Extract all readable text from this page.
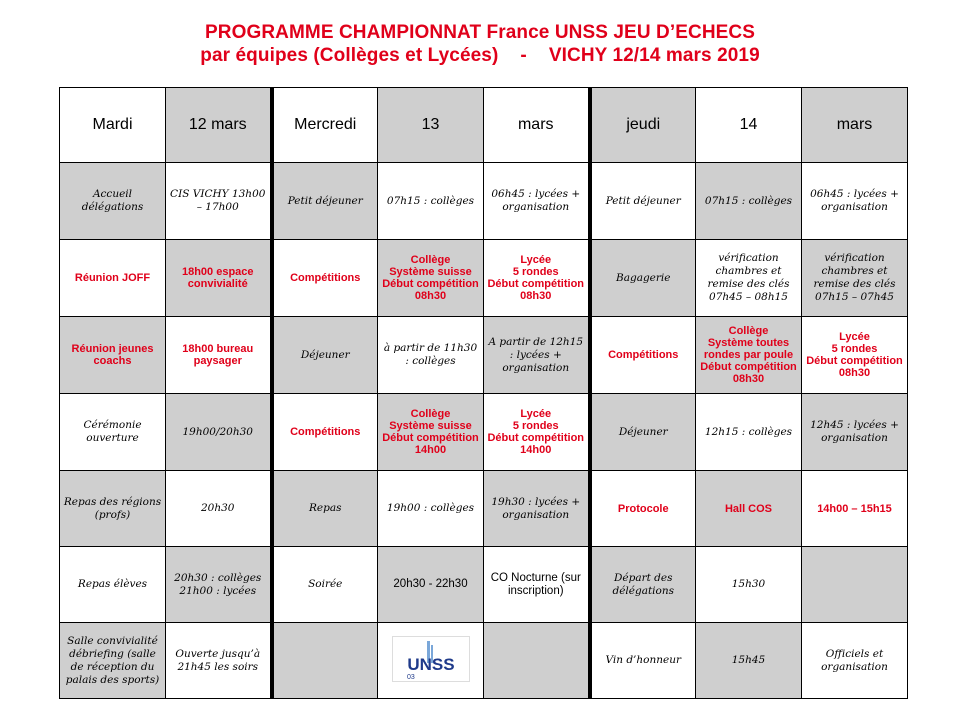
PROGRAMME CHAMPIONNAT France UNSS JEU D’ECHECS
par équipes (Collèges et Lycées) - VICHY 12/14 mars 2019
Mardi	12 mars	Mercredi	13	mars	jeudi	14	mars
Accueil délégations	CIS VICHY 13h00 – 17h00	Petit déjeuner	07h15 : collèges	06h45 : lycées + organisation	Petit déjeuner	07h15 : collèges	06h45 : lycées + organisation
Réunion JOFF	18h00 espace convivialité	Compétitions	Collège
Système suisse
Début compétition
08h30	Lycée
5 rondes
Début compétition
08h30	Bagagerie	vérification chambres et remise des clés 07h45 – 08h15	vérification chambres et remise des clés 07h15 – 07h45
Réunion jeunes coachs	18h00 bureau paysager	Déjeuner	à partir de 11h30 : collèges	A partir de 12h15 : lycées + organisation	Compétitions	Collège
Système toutes rondes par poule
Début compétition
08h30	Lycée
5 rondes
Début compétition
08h30
Cérémonie ouverture	19h00/20h30	Compétitions	Collège
Système suisse
Début compétition
14h00	Lycée
5 rondes
Début compétition
14h00	Déjeuner	12h15 : collèges	12h45 : lycées + organisation
Repas des régions (profs)	20h30	Repas	19h00 : collèges	19h30 : lycées + organisation	Protocole	Hall COS	14h00 – 15h15
Repas élèves	20h30 : collèges
21h00 : lycées	Soirée	20h30 - 22h30	CO Nocturne (sur inscription)	Départ des délégations	15h30	
Salle convivialité débriefing (salle de réception du palais des sports)	Ouverte jusqu’à 21h45 les soirs		UNSS
03		Vin d’honneur	15h45	Officiels et organisation
